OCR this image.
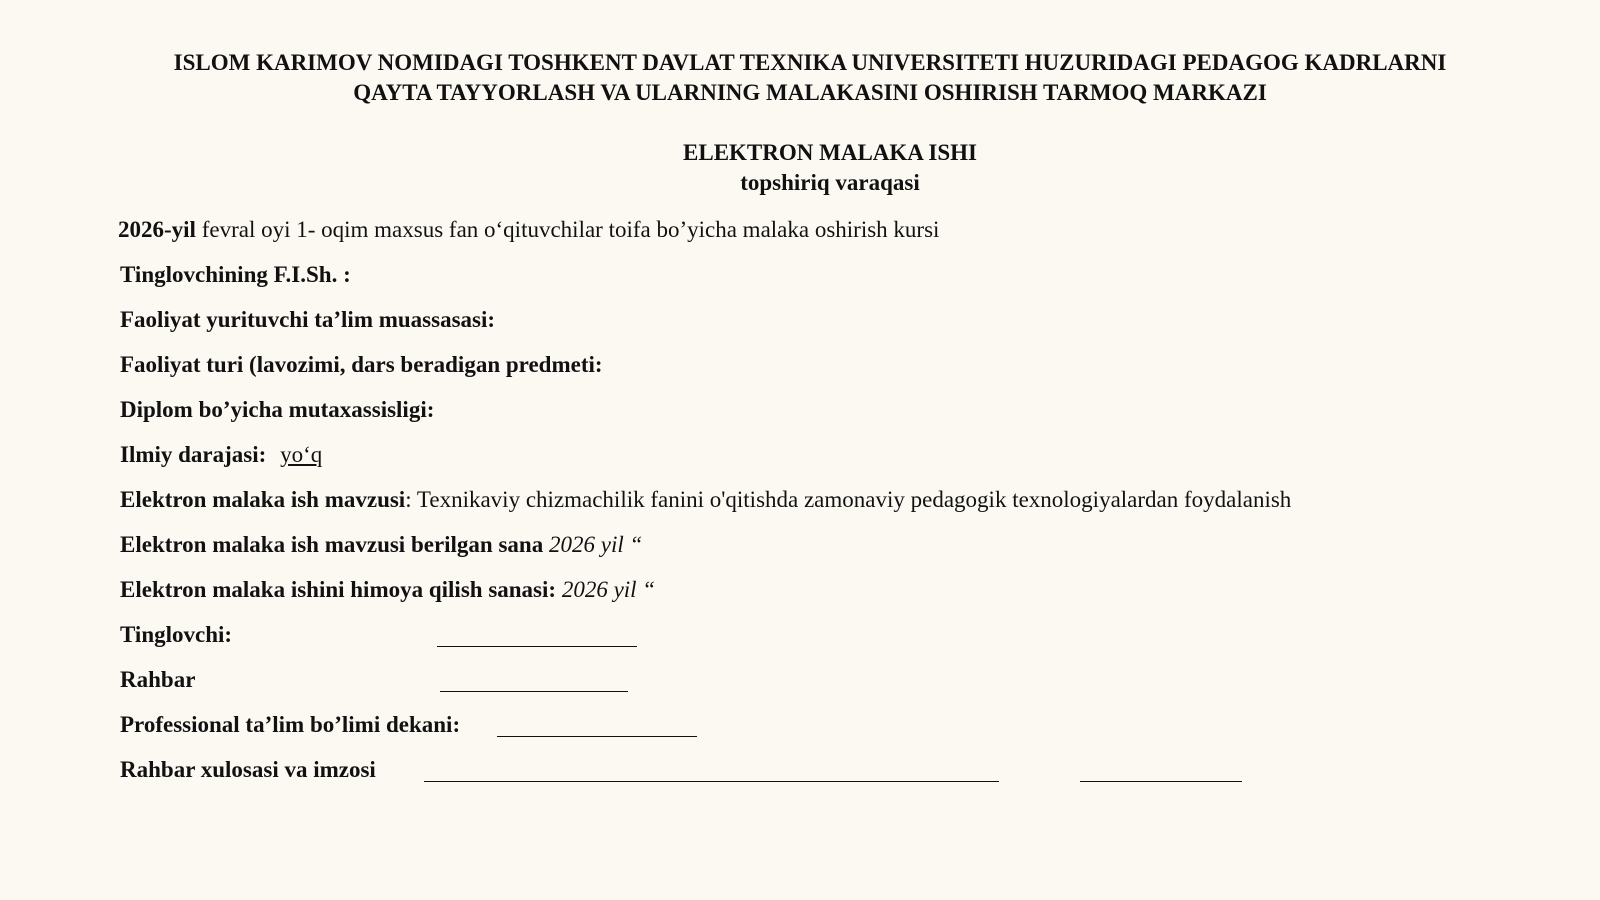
ISLOM KARIMOV NOMIDAGI TOSHKENT DAVLAT TEXNIKA UNIVERSITETI HUZURIDAGI PEDAGOG KADRLARNI
QAYTA TAYYORLASH VA ULARNING MALAKASINI OSHIRISH TARMOQ MARKAZI
ELEKTRON MALAKA ISHI
topshiriq varaqasi
2026-yil fevral oyi 1- oqim maxsus fan o‘qituvchilar toifa bo’yicha malaka oshirish kursi
Tinglovchining F.I.Sh. :
Faoliyat yurituvchi ta’lim muassasasi:
Faoliyat turi (lavozimi, dars beradigan predmeti:
Diplom bo’yicha mutaxassisligi:
Ilmiy darajasi: yo‘q
Elektron malaka ish mavzusi: Texnikaviy chizmachilik fanini o'qitishda zamonaviy pedagogik texnologiyalardan foydalanish
Elektron malaka ish mavzusi berilgan sana 2026 yil “
Elektron malaka ishini himoya qilish sanasi: 2026 yil “
Tinglovchi:
Rahbar
Professional ta’lim bo’limi dekani:
Rahbar xulosasi va imzosi
